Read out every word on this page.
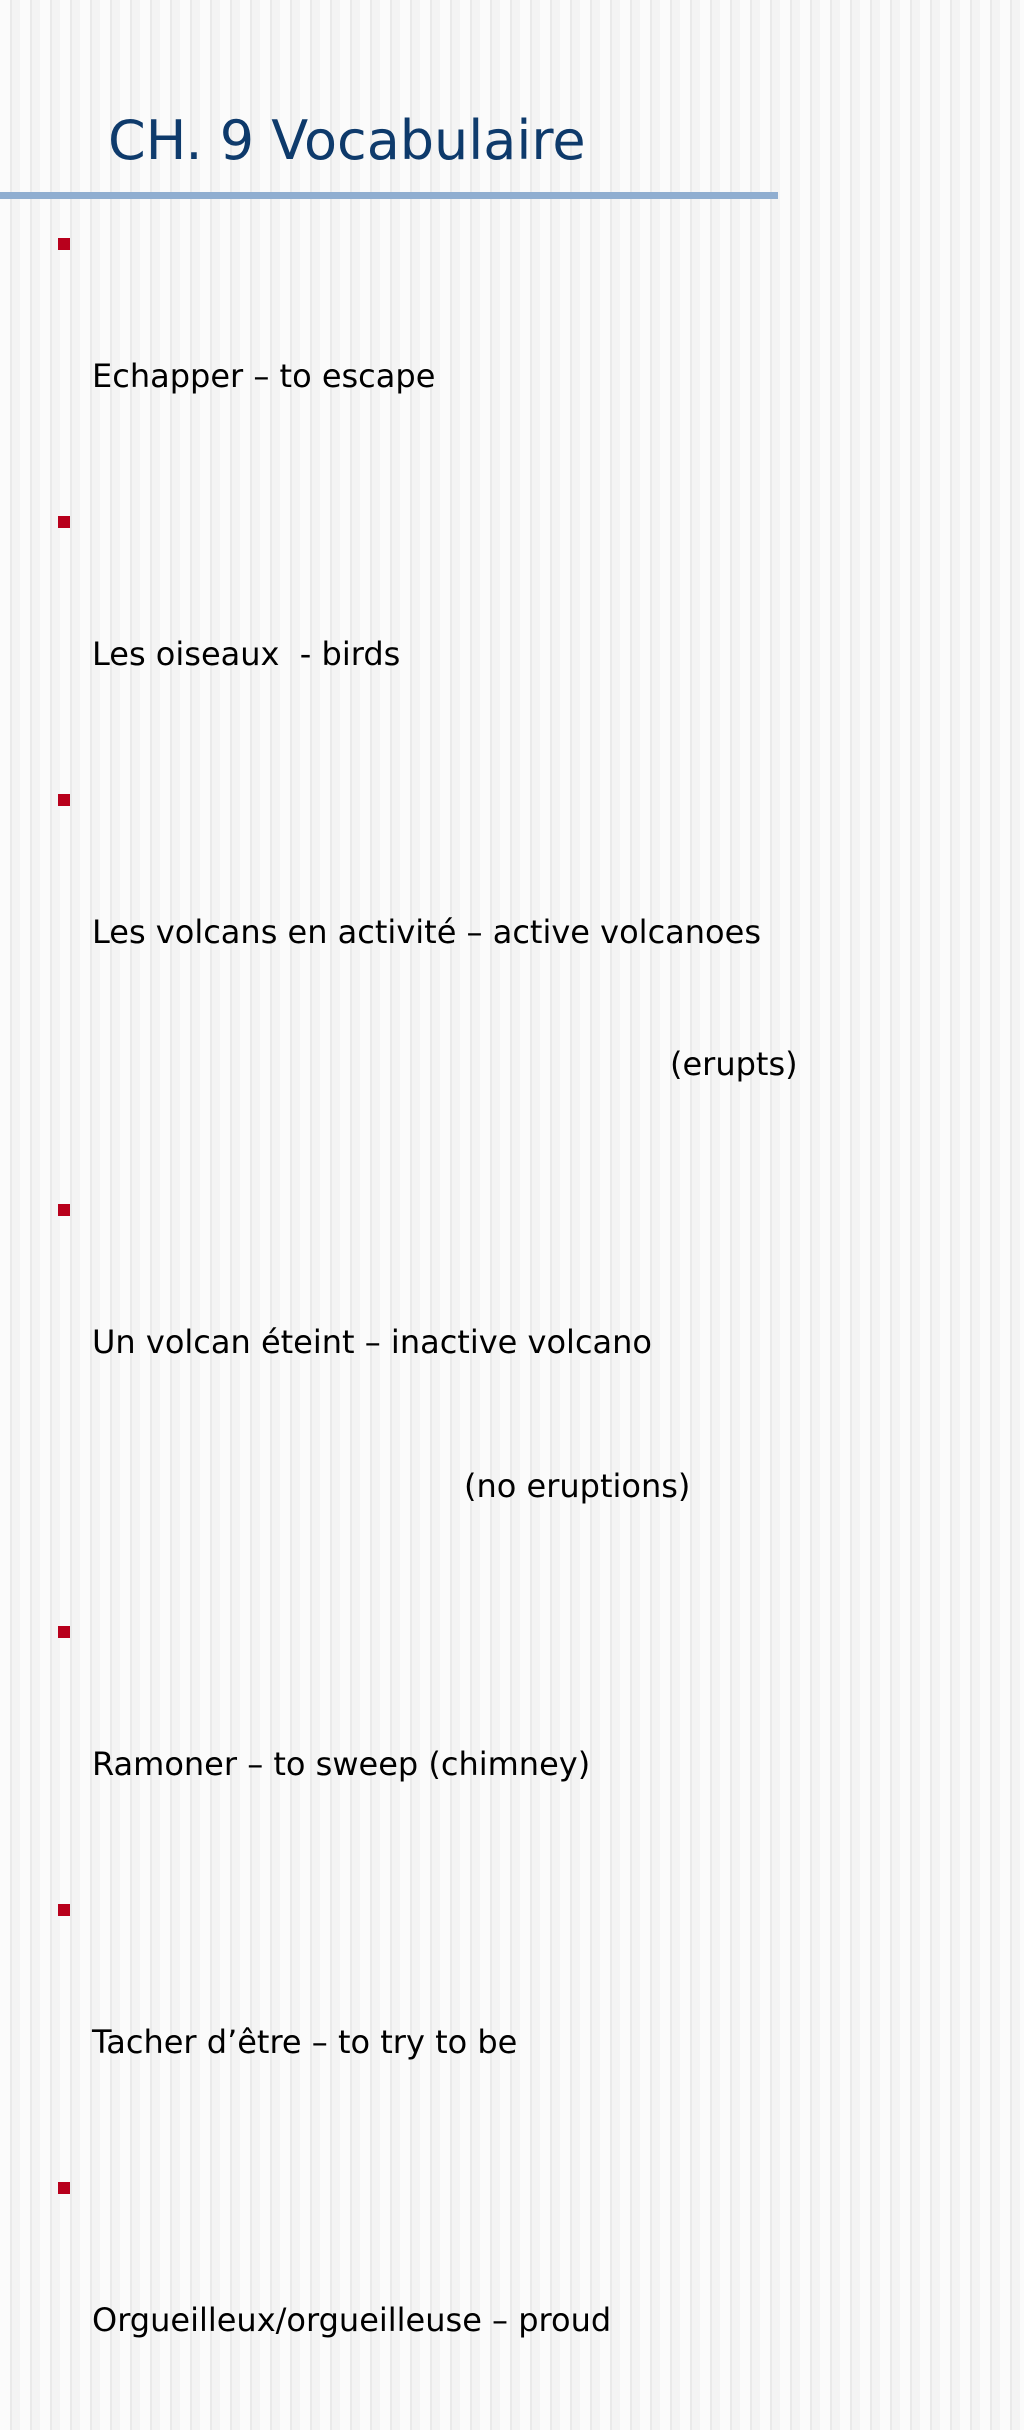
CH. 9 Vocabulaire

Echapper – to escape

Les oiseaux  - birds

Les volcans en activité – active volcanoes

(erupts)

Un volcan éteint – inactive volcano

(no eruptions)

Ramoner – to sweep (chimney)

Tacher d’être – to try to be

Orgueilleux/orgueilleuse – proud
